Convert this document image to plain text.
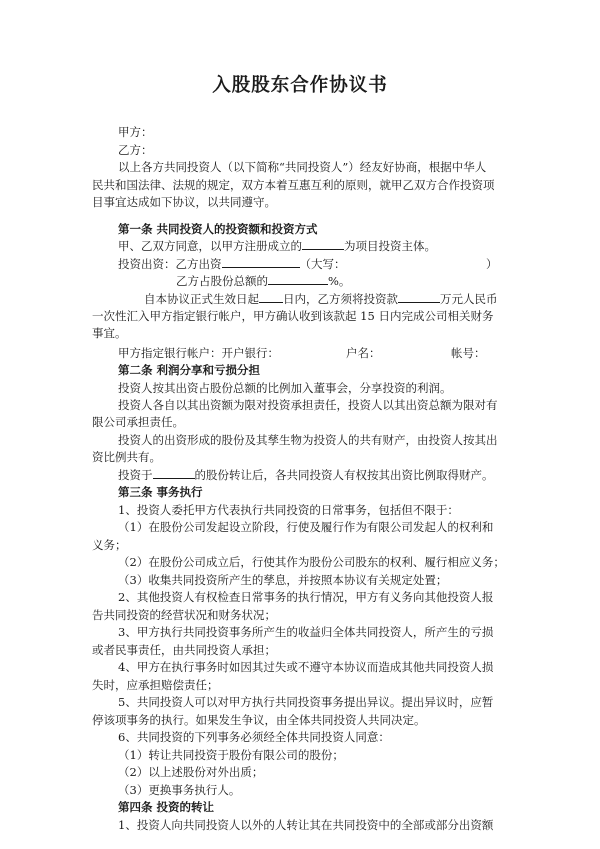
入股股东合作协议书
甲方：
乙方：
以上各方共同投资人（以下简称“共同投资人”）经友好协商，根据中华人
民共和国法律、法规的规定，双方本着互惠互利的原则，就甲乙双方合作投资项
目事宜达成如下协议，以共同遵守。
第一条 共同投资人的投资额和投资方式
甲、乙双方同意，以甲方注册成立的	为项目投资主体。
投资出资：乙方出资	（大写：	）
乙方占股份总额的	%。
自本协议正式生效日起 日内，乙方须将投资款	万元人民币
一次性汇入甲方指定银行帐户，甲方确认收到该款起 15 日内完成公司相关财务
事宜。
甲方指定银行帐户：开户银行：	户名：	帐号：
第二条 利润分享和亏损分担
投资人按其出资占股份总额的比例加入董事会，分享投资的利润。
投资人各自以其出资额为限对投资承担责任，投资人以其出资总额为限对有
限公司承担责任。
投资人的出资形成的股份及其孳生物为投资人的共有财产，由投资人按其出
资比例共有。
投资于	的股份转让后，各共同投资人有权按其出资比例取得财产。
第三条 事务执行
1、投资人委托甲方代表执行共同投资的日常事务，包括但不限于：
（1）在股份公司发起设立阶段，行使及履行作为有限公司发起人的权利和
义务；
（2）在股份公司成立后，行使其作为股份公司股东的权利、履行相应义务；
（3）收集共同投资所产生的孳息，并按照本协议有关规定处置；
2、其他投资人有权检查日常事务的执行情况，甲方有义务向其他投资人报
告共同投资的经营状况和财务状况；
3、甲方执行共同投资事务所产生的收益归全体共同投资人，所产生的亏损
或者民事责任，由共同投资人承担；
4、甲方在执行事务时如因其过失或不遵守本协议而造成其他共同投资人损
失时，应承担赔偿责任；
5、共同投资人可以对甲方执行共同投资事务提出异议。提出异议时，应暂
停该项事务的执行。如果发生争议，由全体共同投资人共同决定。
6、共同投资的下列事务必须经全体共同投资人同意：
（1）转让共同投资于股份有限公司的股份；
（2）以上述股份对外出质；
（3）更换事务执行人。
第四条 投资的转让
1、投资人向共同投资人以外的人转让其在共同投资中的全部或部分出资额
